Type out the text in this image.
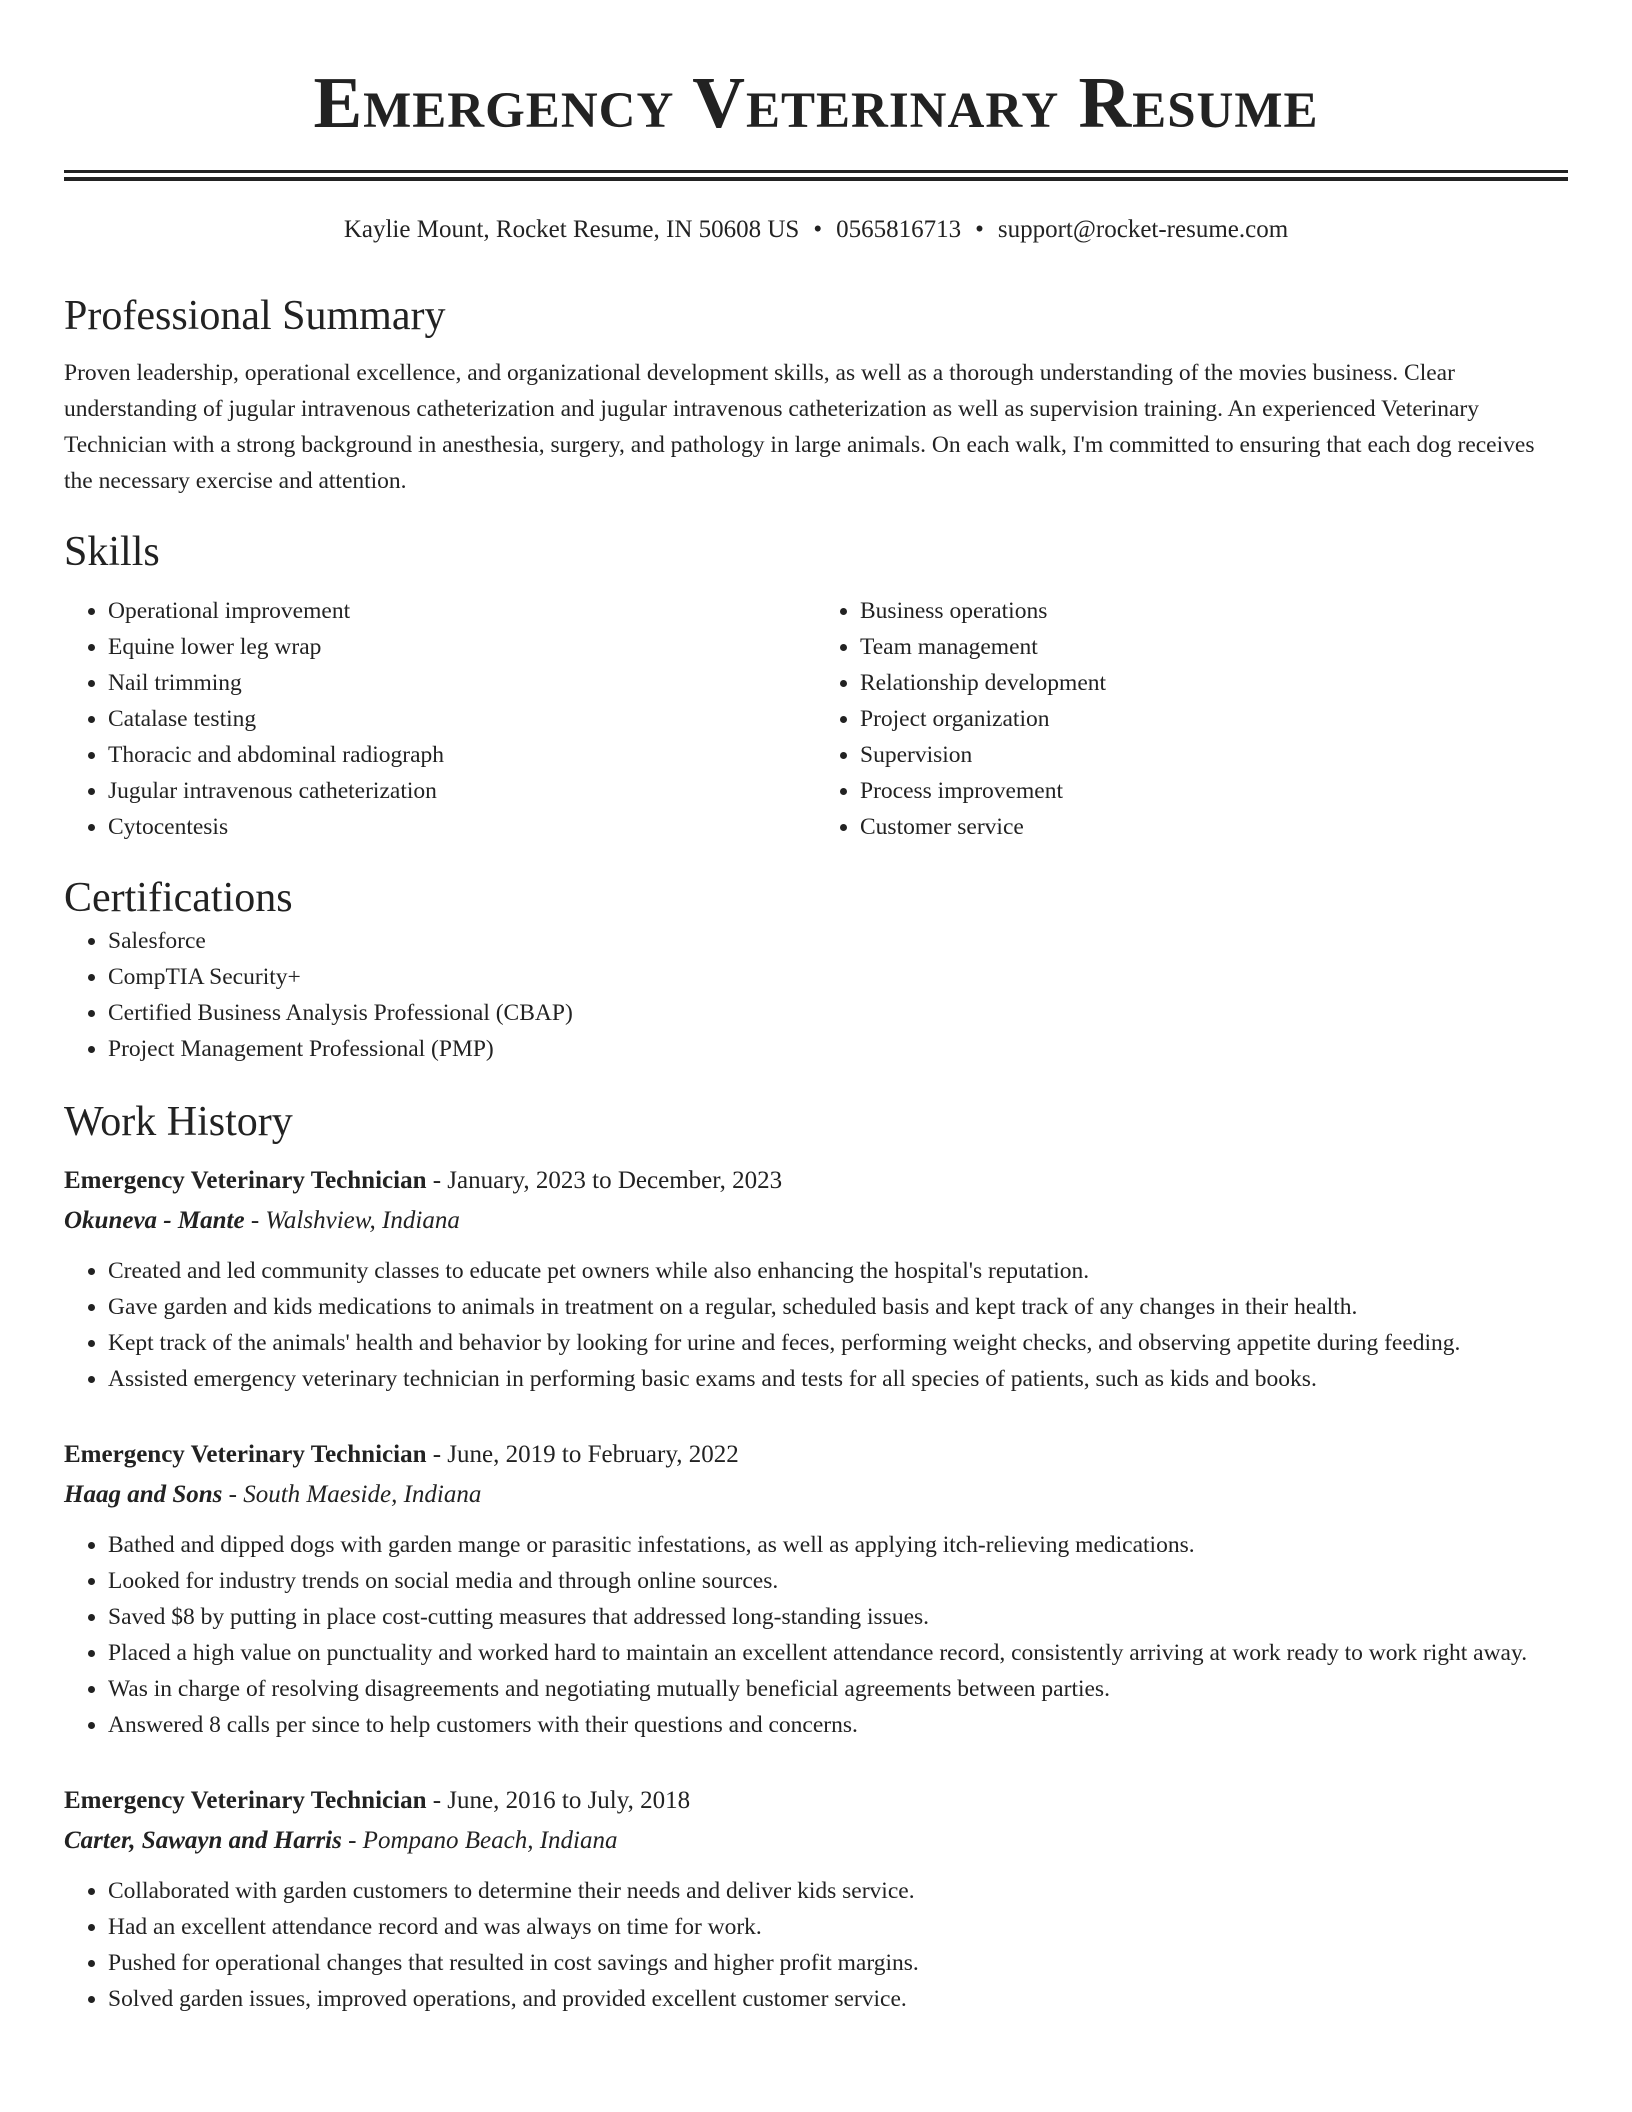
Emergency Veterinary Resume
Kaylie Mount, Rocket Resume, IN 50608 US • 0565816713 • support@rocket-resume.com
Professional Summary

Proven leadership, operational excellence, and organizational development skills, as well as a thorough understanding of the movies business. Clear understanding of jugular intravenous catheterization and jugular intravenous catheterization as well as supervision training. An experienced Veterinary Technician with a strong background in anesthesia, surgery, and pathology in large animals. On each walk, I'm committed to ensuring that each dog receives the necessary exercise and attention.

Skills
• Operational improvement
• Equine lower leg wrap
• Nail trimming
• Catalase testing
• Thoracic and abdominal radiograph
• Jugular intravenous catheterization
• Cytocentesis
• Business operations
• Team management
• Relationship development
• Project organization
• Supervision
• Process improvement
• Customer service
Certifications
• Salesforce
• CompTIA Security+
• Certified Business Analysis Professional (CBAP)
• Project Management Professional (PMP)
Work History
Emergency Veterinary Technician - January, 2023 to December, 2023
Okuneva - Mante - Walshview, Indiana
• Created and led community classes to educate pet owners while also enhancing the hospital's reputation.
• Gave garden and kids medications to animals in treatment on a regular, scheduled basis and kept track of any changes in their health.
• Kept track of the animals' health and behavior by looking for urine and feces, performing weight checks, and observing appetite during feeding.
• Assisted emergency veterinary technician in performing basic exams and tests for all species of patients, such as kids and books.
Emergency Veterinary Technician - June, 2019 to February, 2022
Haag and Sons - South Maeside, Indiana
• Bathed and dipped dogs with garden mange or parasitic infestations, as well as applying itch-relieving medications.
• Looked for industry trends on social media and through online sources.
• Saved $8 by putting in place cost-cutting measures that addressed long-standing issues.
• Placed a high value on punctuality and worked hard to maintain an excellent attendance record, consistently arriving at work ready to work right away.
• Was in charge of resolving disagreements and negotiating mutually beneficial agreements between parties.
• Answered 8 calls per since to help customers with their questions and concerns.
Emergency Veterinary Technician - June, 2016 to July, 2018
Carter, Sawayn and Harris - Pompano Beach, Indiana
• Collaborated with garden customers to determine their needs and deliver kids service.
• Had an excellent attendance record and was always on time for work.
• Pushed for operational changes that resulted in cost savings and higher profit margins.
• Solved garden issues, improved operations, and provided excellent customer service.
